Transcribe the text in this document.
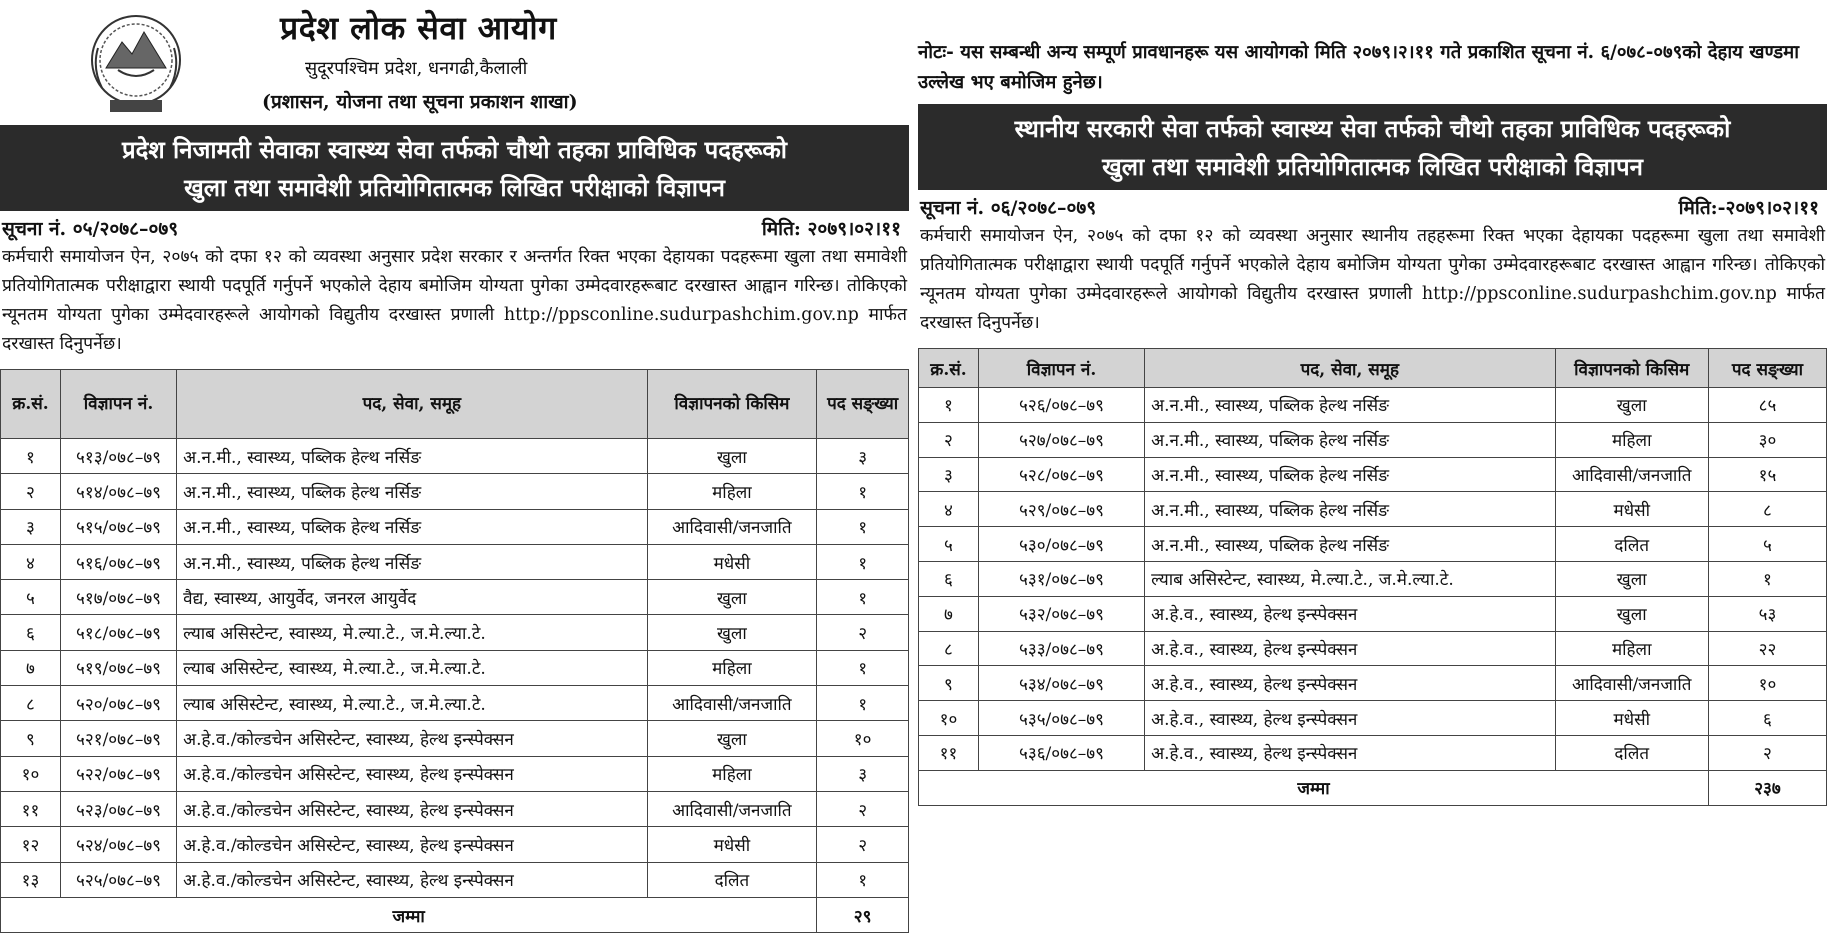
प्रदेश लोक सेवा आयोग
सुदूरपश्चिम प्रदेश, धनगढी,कैलाली
(प्रशासन, योजना तथा सूचना प्रकाशन शाखा)
प्रदेश निजामती सेवाका स्वास्थ्य सेवा तर्फको चौथो तहका प्राविधिक पदहरूको
खुला तथा समावेशी प्रतियोगितात्मक लिखित परीक्षाको विज्ञापन
सूचना नं. ०५/२०७८–०७९	मिति: २०७९।०२।११
कर्मचारी समायोजन ऐन, २०७५ को दफा १२ को व्यवस्था अनुसार प्रदेश सरकार र अन्तर्गत रिक्त भएका देहायका पदहरूमा खुला तथा समावेशी प्रतियोगितात्मक परीक्षाद्वारा स्थायी पदपूर्ति गर्नुपर्ने भएकोले देहाय बमोजिम योग्यता पुगेका उम्मेदवारहरूबाट दरखास्त आह्वान गरिन्छ। तोकिएको न्यूनतम योग्यता पुगेका उम्मेदवारहरूले आयोगको विद्युतीय दरखास्त प्रणाली http://ppsconline.sudurpashchim.gov.np मार्फत दरखास्त दिनुपर्नेछ।
क्र.सं.	विज्ञापन नं.	पद, सेवा, समूह	विज्ञापनको किसिम	पद सङ्ख्या
१	५१३/०७८–७९	अ.न.मी., स्वास्थ्य, पब्लिक हेल्थ नर्सिङ	खुला	३
२	५१४/०७८–७९	अ.न.मी., स्वास्थ्य, पब्लिक हेल्थ नर्सिङ	महिला	१
३	५१५/०७८–७९	अ.न.मी., स्वास्थ्य, पब्लिक हेल्थ नर्सिङ	आदिवासी/जनजाति	१
४	५१६/०७८–७९	अ.न.मी., स्वास्थ्य, पब्लिक हेल्थ नर्सिङ	मधेसी	१
५	५१७/०७८–७९	वैद्य, स्वास्थ्य, आयुर्वेद, जनरल आयुर्वेद	खुला	१
६	५१८/०७८–७९	ल्याब असिस्टेन्ट, स्वास्थ्य, मे.ल्या.टे., ज.मे.ल्या.टे.	खुला	२
७	५१९/०७८–७९	ल्याब असिस्टेन्ट, स्वास्थ्य, मे.ल्या.टे., ज.मे.ल्या.टे.	महिला	१
८	५२०/०७८–७९	ल्याब असिस्टेन्ट, स्वास्थ्य, मे.ल्या.टे., ज.मे.ल्या.टे.	आदिवासी/जनजाति	१
९	५२१/०७८–७९	अ.हे.व./कोल्डचेन असिस्टेन्ट, स्वास्थ्य, हेल्थ इन्स्पेक्सन	खुला	१०
१०	५२२/०७८–७९	अ.हे.व./कोल्डचेन असिस्टेन्ट, स्वास्थ्य, हेल्थ इन्स्पेक्सन	महिला	३
११	५२३/०७८–७९	अ.हे.व./कोल्डचेन असिस्टेन्ट, स्वास्थ्य, हेल्थ इन्स्पेक्सन	आदिवासी/जनजाति	२
१२	५२४/०७८–७९	अ.हे.व./कोल्डचेन असिस्टेन्ट, स्वास्थ्य, हेल्थ इन्स्पेक्सन	मधेसी	२
१३	५२५/०७८–७९	अ.हे.व./कोल्डचेन असिस्टेन्ट, स्वास्थ्य, हेल्थ इन्स्पेक्सन	दलित	१
जम्मा				२९
नोटः- यस सम्बन्धी अन्य सम्पूर्ण प्रावधानहरू यस आयोगको मिति २०७९।२।११ गते प्रकाशित सूचना नं. ६/०७८-०७९को देहाय खण्डमा उल्लेख भए बमोजिम हुनेछ।
स्थानीय सरकारी सेवा तर्फको स्वास्थ्य सेवा तर्फको चौथो तहका प्राविधिक पदहरूको
खुला तथा समावेशी प्रतियोगितात्मक लिखित परीक्षाको विज्ञापन
सूचना नं. ०६/२०७८–०७९	मिति:-२०७९।०२।११
कर्मचारी समायोजन ऐन, २०७५ को दफा १२ को व्यवस्था अनुसार स्थानीय तहहरूमा रिक्त भएका देहायका पदहरूमा खुला तथा समावेशी प्रतियोगितात्मक परीक्षाद्वारा स्थायी पदपूर्ति गर्नुपर्ने भएकोले देहाय बमोजिम योग्यता पुगेका उम्मेदवारहरूबाट दरखास्त आह्वान गरिन्छ। तोकिएको न्यूनतम योग्यता पुगेका उम्मेदवारहरूले आयोगको विद्युतीय दरखास्त प्रणाली http://ppsconline.sudurpashchim.gov.np मार्फत दरखास्त दिनुपर्नेछ।
क्र.सं.	विज्ञापन नं.	पद, सेवा, समूह	विज्ञापनको किसिम	पद सङ्ख्या
१	५२६/०७८–७९	अ.न.मी., स्वास्थ्य, पब्लिक हेल्थ नर्सिङ	खुला	८५
२	५२७/०७८–७९	अ.न.मी., स्वास्थ्य, पब्लिक हेल्थ नर्सिङ	महिला	३०
३	५२८/०७८–७९	अ.न.मी., स्वास्थ्य, पब्लिक हेल्थ नर्सिङ	आदिवासी/जनजाति	१५
४	५२९/०७८–७९	अ.न.मी., स्वास्थ्य, पब्लिक हेल्थ नर्सिङ	मधेसी	८
५	५३०/०७८–७९	अ.न.मी., स्वास्थ्य, पब्लिक हेल्थ नर्सिङ	दलित	५
६	५३१/०७८–७९	ल्याब असिस्टेन्ट, स्वास्थ्य, मे.ल्या.टे., ज.मे.ल्या.टे.	खुला	१
७	५३२/०७८–७९	अ.हे.व., स्वास्थ्य, हेल्थ इन्स्पेक्सन	खुला	५३
८	५३३/०७८–७९	अ.हे.व., स्वास्थ्य, हेल्थ इन्स्पेक्सन	महिला	२२
९	५३४/०७८–७९	अ.हे.व., स्वास्थ्य, हेल्थ इन्स्पेक्सन	आदिवासी/जनजाति	१०
१०	५३५/०७८–७९	अ.हे.व., स्वास्थ्य, हेल्थ इन्स्पेक्सन	मधेसी	६
११	५३६/०७८–७९	अ.हे.व., स्वास्थ्य, हेल्थ इन्स्पेक्सन	दलित	२
जम्मा				२३७
